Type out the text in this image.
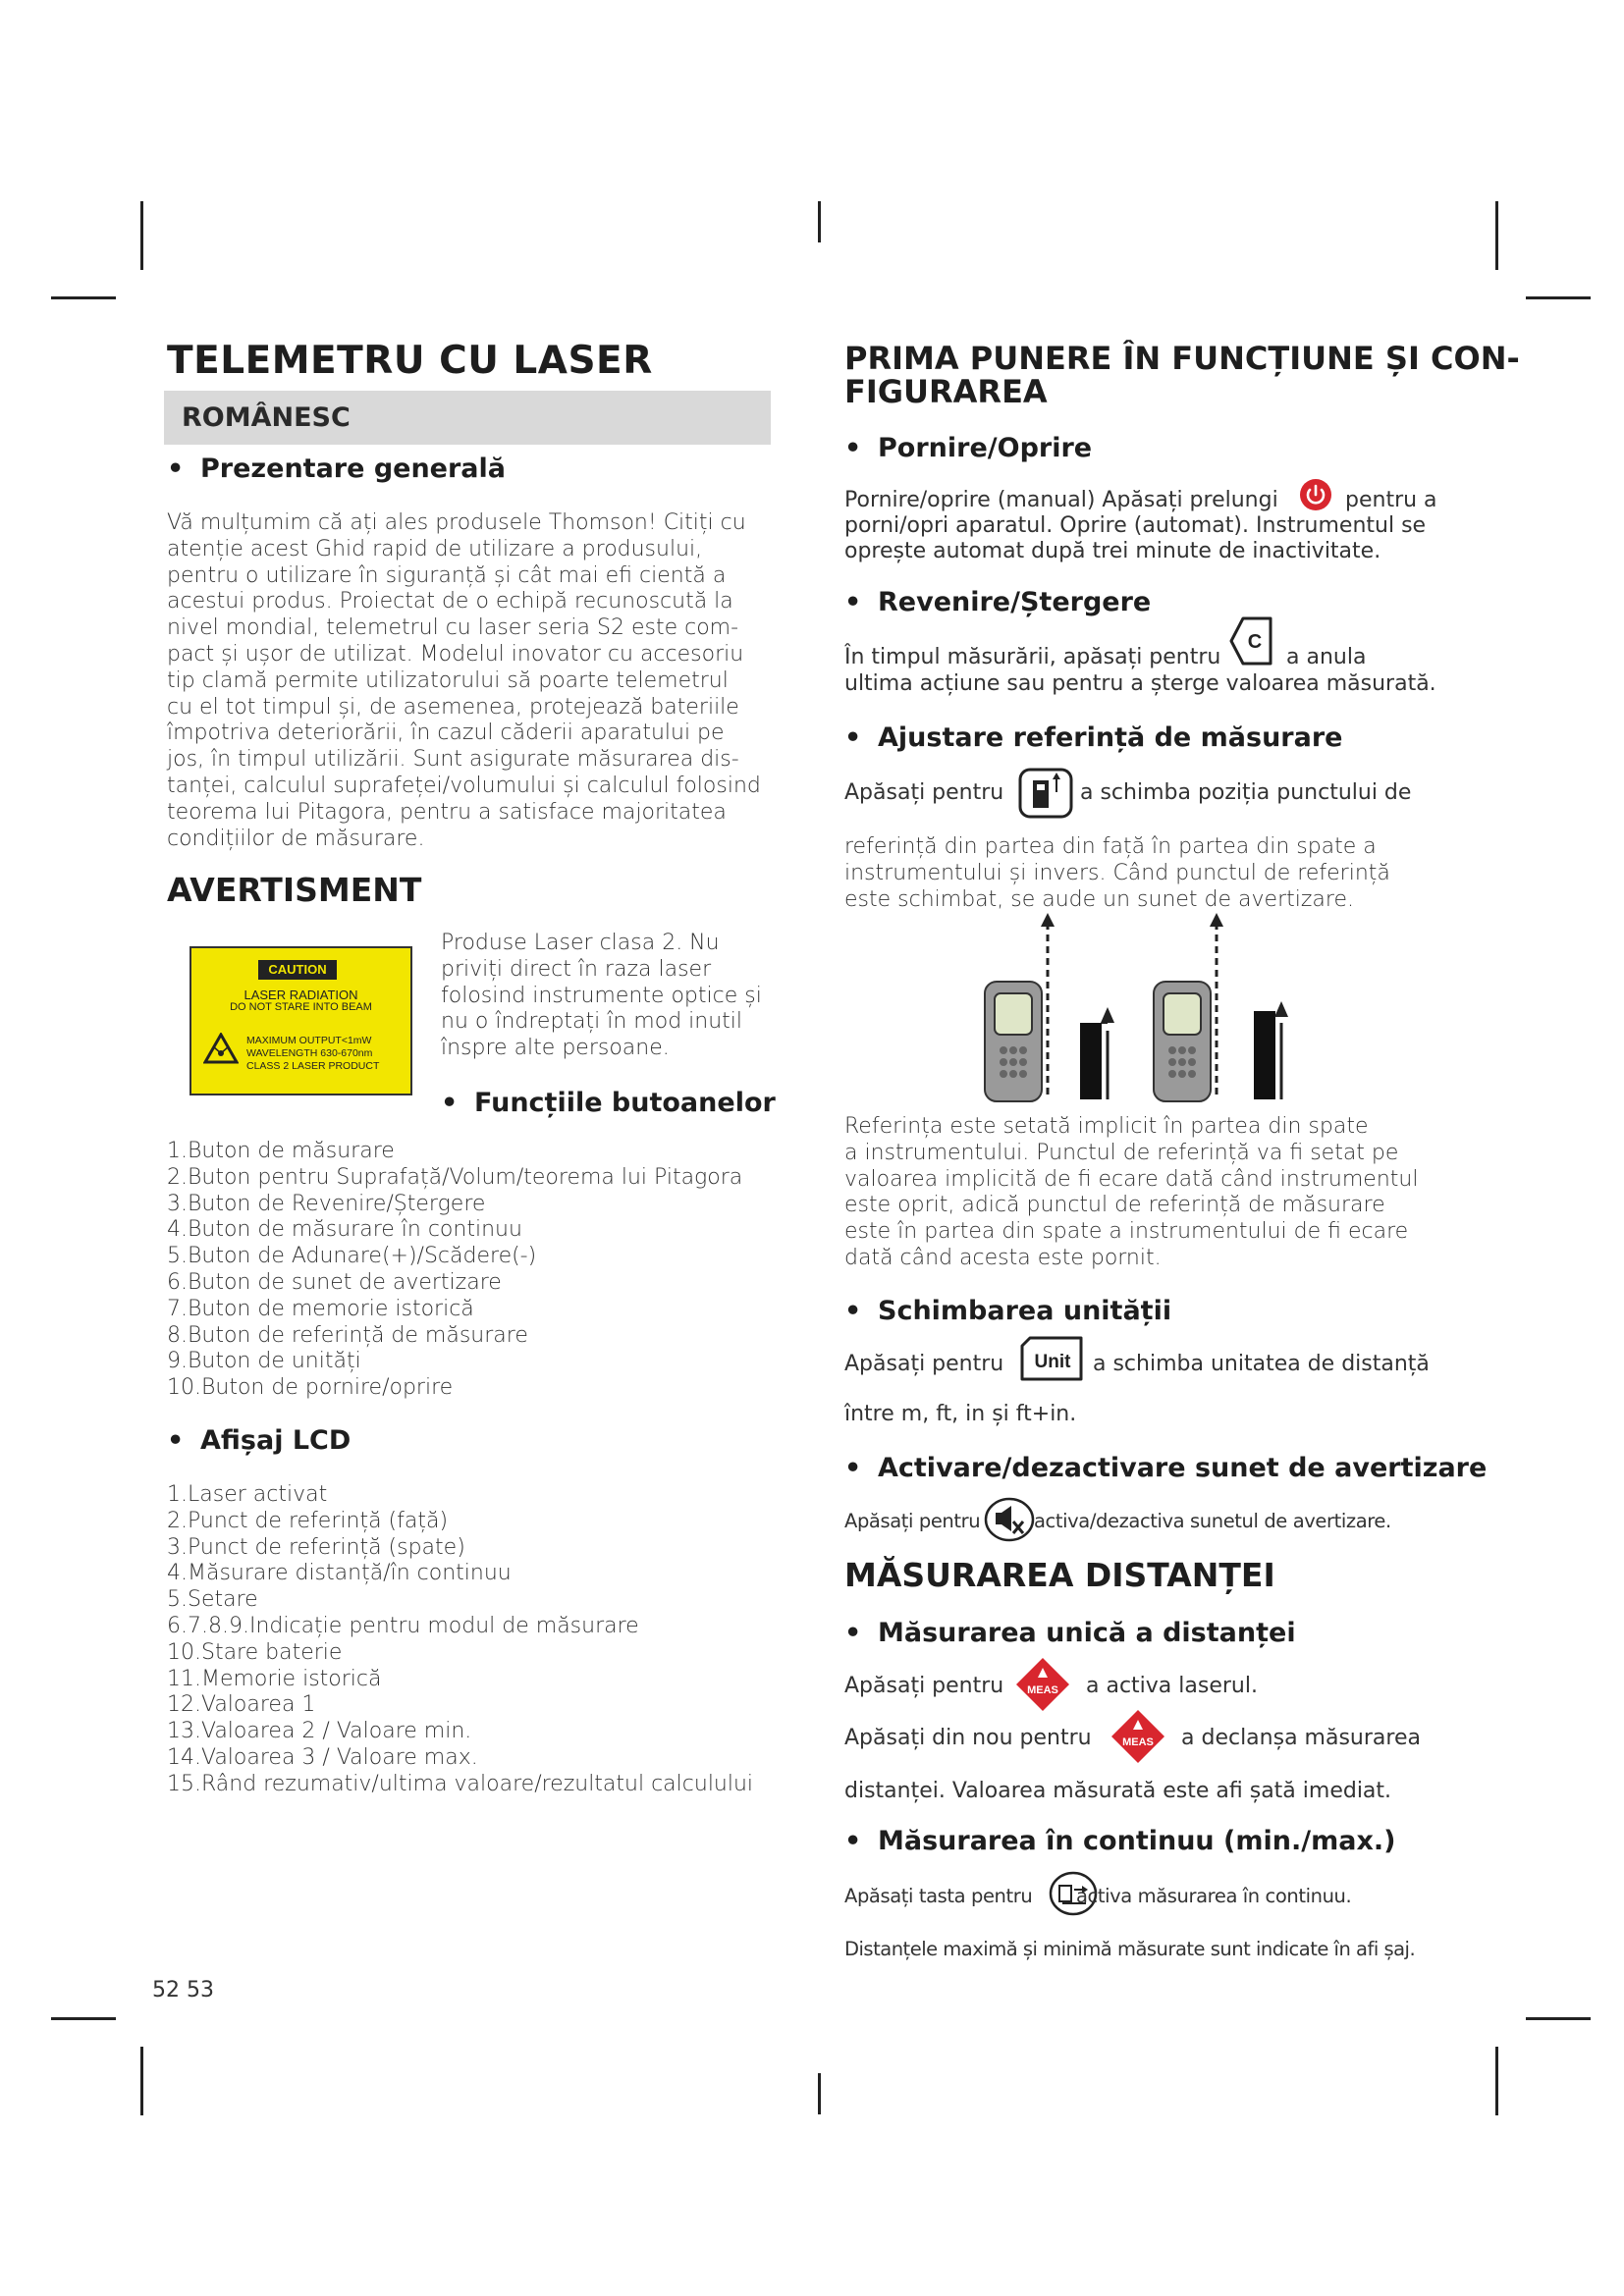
TELEMETRU CU LASER
ROMÂNESC
• Prezentare generală
Vă mulțumim că ați ales produsele Thomson! Citiți cu
atenție acest Ghid rapid de utilizare a produsului,
pentru o utilizare în siguranță și cât mai efi cientă a
acestui produs. Proiectat de o echipă recunoscută la
nivel mondial, telemetrul cu laser seria S2 este com-
pact și ușor de utilizat. Modelul inovator cu accesoriu
tip clamă permite utilizatorului să poarte telemetrul
cu el tot timpul și, de asemenea, protejează bateriile
împotriva deteriorării, în cazul căderii aparatului pe
jos, în timpul utilizării. Sunt asigurate măsurarea dis-
tanței, calculul suprafeței/volumului și calculul folosind
teorema lui Pitagora, pentru a satisface majoritatea
condițiilor de măsurare.
AVERTISMENT
CAUTION
LASER RADIATION
DO NOT STARE INTO BEAM
MAXIMUM OUTPUT<1mW
WAVELENGTH 630-670nm
CLASS 2 LASER PRODUCT
Produse Laser clasa 2. Nu
priviți direct în raza laser
folosind instrumente optice și
nu o îndreptați în mod inutil
înspre alte persoane.
• Funcțiile butoanelor
1.Buton de măsurare
2.Buton pentru Suprafață/Volum/teorema lui Pitagora
3.Buton de Revenire/Ștergere
4.Buton de măsurare în continuu
5.Buton de Adunare(+)/Scădere(-)
6.Buton de sunet de avertizare
7.Buton de memorie istorică
8.Buton de referință de măsurare
9.Buton de unități
10.Buton de pornire/oprire
• Afișaj LCD
1.Laser activat
2.Punct de referință (față)
3.Punct de referință (spate)
4.Măsurare distanță/în continuu
5.Setare
6.7.8.9.Indicație pentru modul de măsurare
10.Stare baterie
11.Memorie istorică
12.Valoarea 1
13.Valoarea 2 / Valoare min.
14.Valoarea 3 / Valoare max.
15.Rând rezumativ/ultima valoare/rezultatul calculului
52 53
PRIMA PUNERE ÎN FUNCȚIUNE ȘI CON-
FIGURAREA
• Pornire/Oprire
Pornire/oprire (manual) Apăsați prelungi	pentru a
porni/opri aparatul. Oprire (automat). Instrumentul se
oprește automat după trei minute de inactivitate.
• Revenire/Ștergere
În timpul măsurării, apăsați pentru
C
a anula
ultima acțiune sau pentru a șterge valoarea măsurată.
• Ajustare referință de măsurare
Apăsați pentru	a schimba poziția punctului de
referință din partea din față în partea din spate a
instrumentului și invers. Când punctul de referință
este schimbat, se aude un sunet de avertizare.
Referința este setată implicit în partea din spate
a instrumentului. Punctul de referință va fi setat pe
valoarea implicită de fi ecare dată când instrumentul
este oprit, adică punctul de referință de măsurare
este în partea din spate a instrumentului de fi ecare
dată când acesta este pornit.
• Schimbarea unității
Apăsați pentru Unit a schimba unitatea de distanță
între m, ft, in și ft+in.
• Activare/dezactivare sunet de avertizare
Apăsați pentru	activa/dezactiva sunetul de avertizare.
MĂSURAREA DISTANȚEI
• Măsurarea unică a distanței
Apăsați pentru MEAS a activa laserul.
Apăsați din nou pentru	MEAS a declanșa măsurarea
distanței. Valoarea măsurată este afi șată imediat.
• Măsurarea în continuu (min./max.)
Apăsați tasta pentru activa măsurarea în continuu.
Distanțele maximă și minimă măsurate sunt indicate în afi șaj.
